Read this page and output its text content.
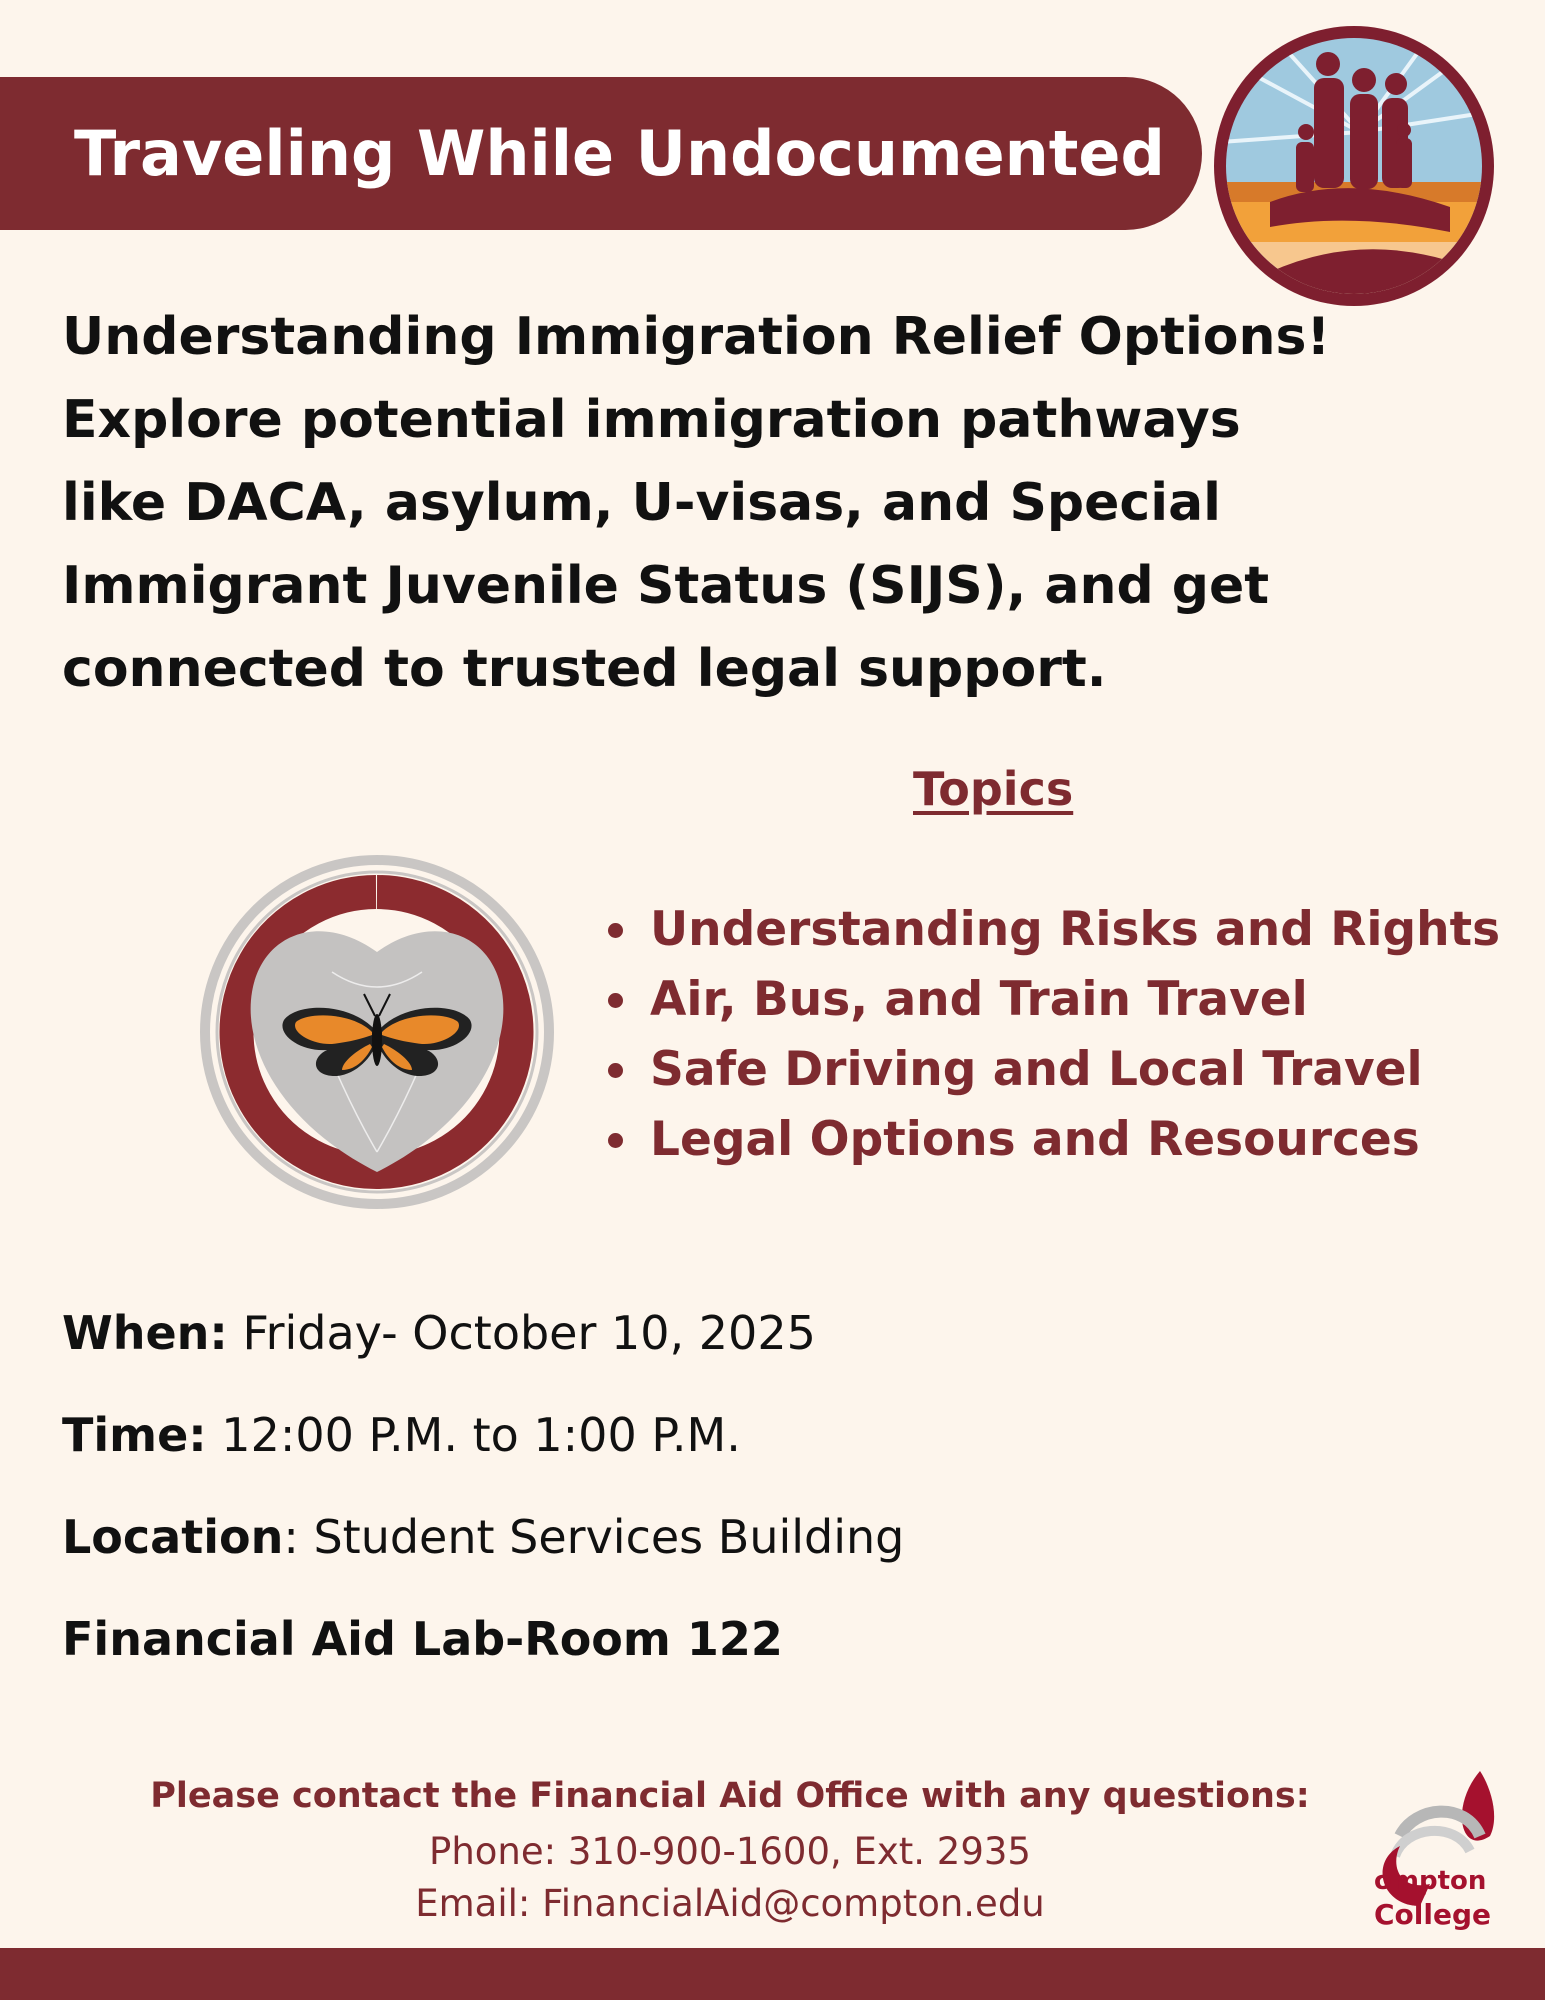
Traveling While Undocumented

Understanding Immigration Relief Options! Explore potential immigration pathways like DACA, asylum, U-visas, and Special Immigrant Juvenile Status (SIJS), and get connected to trusted legal support.

Topics
Understanding Risks and Rights
Air, Bus, and Train Travel
Safe Driving and Local Travel
Legal Options and Resources
When: Friday- October 10, 2025
Time: 12:00 P.M. to 1:00 P.M.
Location: Student Services Building
Financial Aid Lab-Room 122
Please contact the Financial Aid Office with any questions:
Phone: 310-900-1600, Ext. 2935
Email: FinancialAid@compton.edu
ompton
College
